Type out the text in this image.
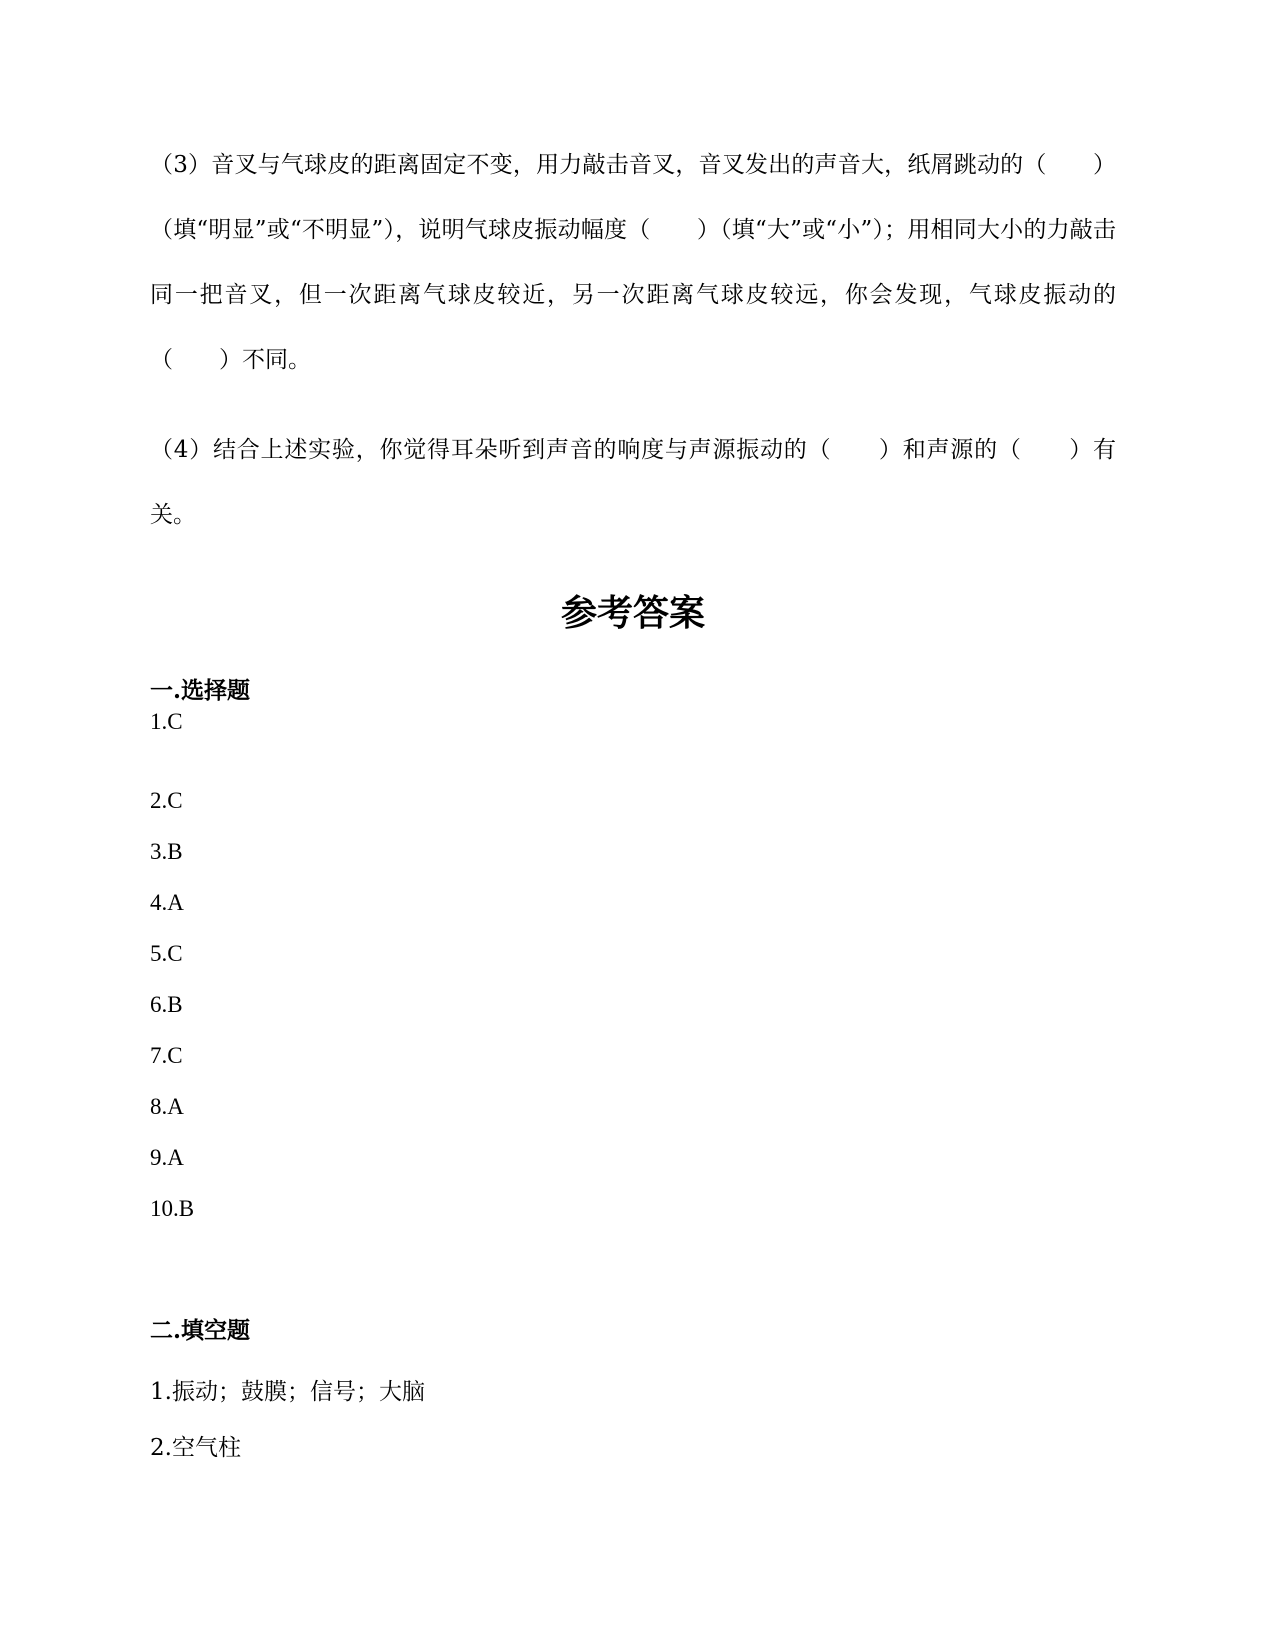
（3）音叉与气球皮的距离固定不变，用力敲击音叉，音叉发出的声音大，纸屑跳动的（　　）（填“明显”或“不明显”），说明气球皮振动幅度（　　）（填“大”或“小”）；用相同大小的力敲击同一把音叉，但一次距离气球皮较近，另一次距离气球皮较远，你会发现，气球皮振动的（　　）不同。

（4）结合上述实验，你觉得耳朵听到声音的响度与声源振动的（　　）和声源的（　　）有关。

参考答案
一.选择题
1.C
2.C
3.B
4.A
5.C
6.B
7.C
8.A
9.A
10.B
二.填空题
1.振动；鼓膜；信号；大脑
2.空气柱
